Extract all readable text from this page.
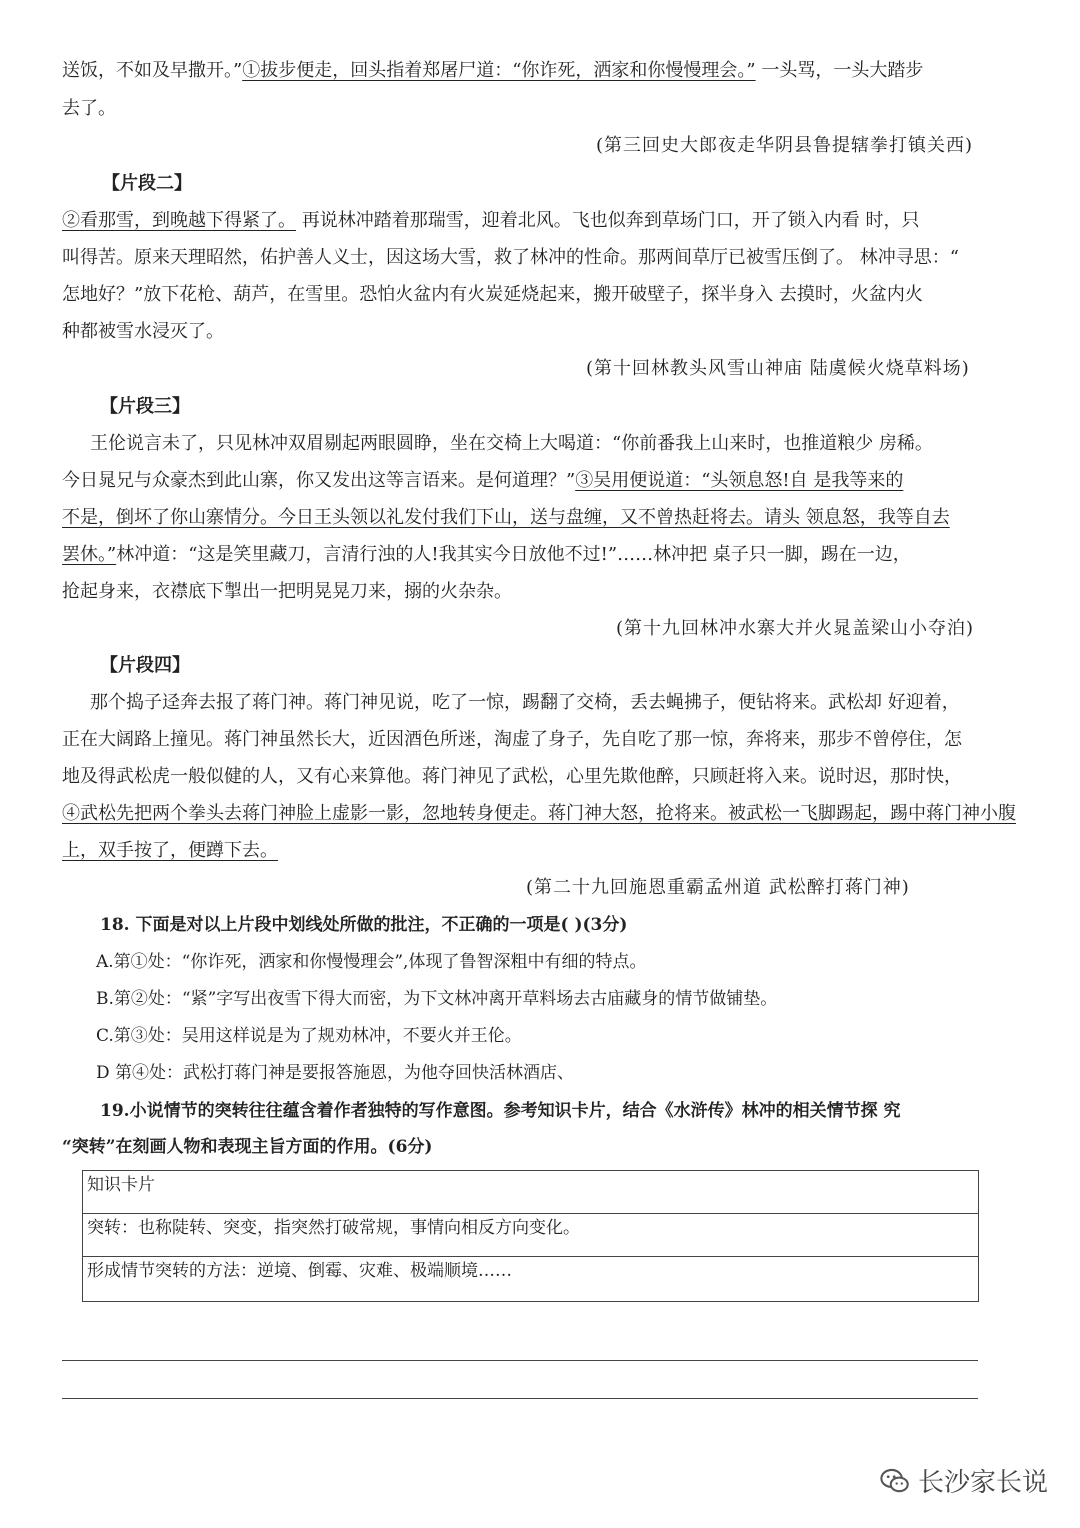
送饭，不如及早撒开。”①拔步便走，回头指着郑屠尸道：“你诈死，洒家和你慢慢理会。” 一头骂，一头大踏步
去了。
(第三回史大郎夜走华阴县鲁提辖拳打镇关西)
【片段二】
②看那雪，到晚越下得紧了。 再说林冲踏着那瑞雪，迎着北风。飞也似奔到草场门口，开了锁入内看 时，只
叫得苦。原来天理昭然，佑护善人义士，因这场大雪，救了林冲的性命。那两间草厅已被雪压倒了。 林冲寻思：“
怎地好？”放下花枪、葫芦，在雪里。恐怕火盆内有火炭延烧起来，搬开破壁子，探半身入 去摸时，火盆内火
种都被雪水浸灭了。
(第十回林教头风雪山神庙 陆虞候火烧草料场)
【片段三】
王伦说言未了，只见林冲双眉剔起两眼圆睁，坐在交椅上大喝道：“你前番我上山来时，也推道粮少 房稀。
今日晁兄与众豪杰到此山寨，你又发出这等言语来。是何道理？”③吴用便说道：“头领息怒!自 是我等来的
不是，倒坏了你山寨情分。今日王头领以礼发付我们下山，送与盘缠，又不曾热赶将去。请头 领息怒，我等自去
罢休。”林冲道：“这是笑里藏刀，言清行浊的人!我其实今日放他不过!”……林冲把 桌子只一脚，踢在一边，
抢起身来，衣襟底下掣出一把明晃晃刀来，搦的火杂杂。
(第十九回林冲水寨大并火晁盖梁山小夺泊)
【片段四】
那个捣子迳奔去报了蒋门神。蒋门神见说，吃了一惊，踢翻了交椅，丢去蝇拂子，便钻将来。武松却 好迎着，
正在大阔路上撞见。蒋门神虽然长大，近因酒色所迷，淘虚了身子，先自吃了那一惊，奔将来，那步不曾停住，怎
地及得武松虎一般似健的人，又有心来算他。蒋门神见了武松，心里先欺他醉，只顾赶将入来。说时迟，那时快，
④武松先把两个拳头去蒋门神脸上虚影一影，忽地转身便走。蒋门神大怒，抢将来。被武松一飞脚踢起，踢中蒋门神小腹
上，双手按了，便蹲下去。
(第二十九回施恩重霸孟州道 武松醉打蒋门神)
18. 下面是对以上片段中划线处所做的批注，不正确的一项是( )(3分)
A.第①处：“你诈死，洒家和你慢慢理会”,体现了鲁智深粗中有细的特点。
B.第②处：“紧”字写出夜雪下得大而密，为下文林冲离开草料场去古庙藏身的情节做铺垫。
C.第③处：吴用这样说是为了规劝林冲，不要火并王伦。
D 第④处：武松打蒋门神是要报答施恩，为他夺回快活林酒店、
19.小说情节的突转往往蕴含着作者独特的写作意图。参考知识卡片，结合《水浒传》林冲的相关情节探 究
“突转”在刻画人物和表现主旨方面的作用。(6分)
知识卡片
突转：也称陡转、突变，指突然打破常规，事情向相反方向变化。
形成情节突转的方法：逆境、倒霉、灾难、极端顺境……
长沙家长说
